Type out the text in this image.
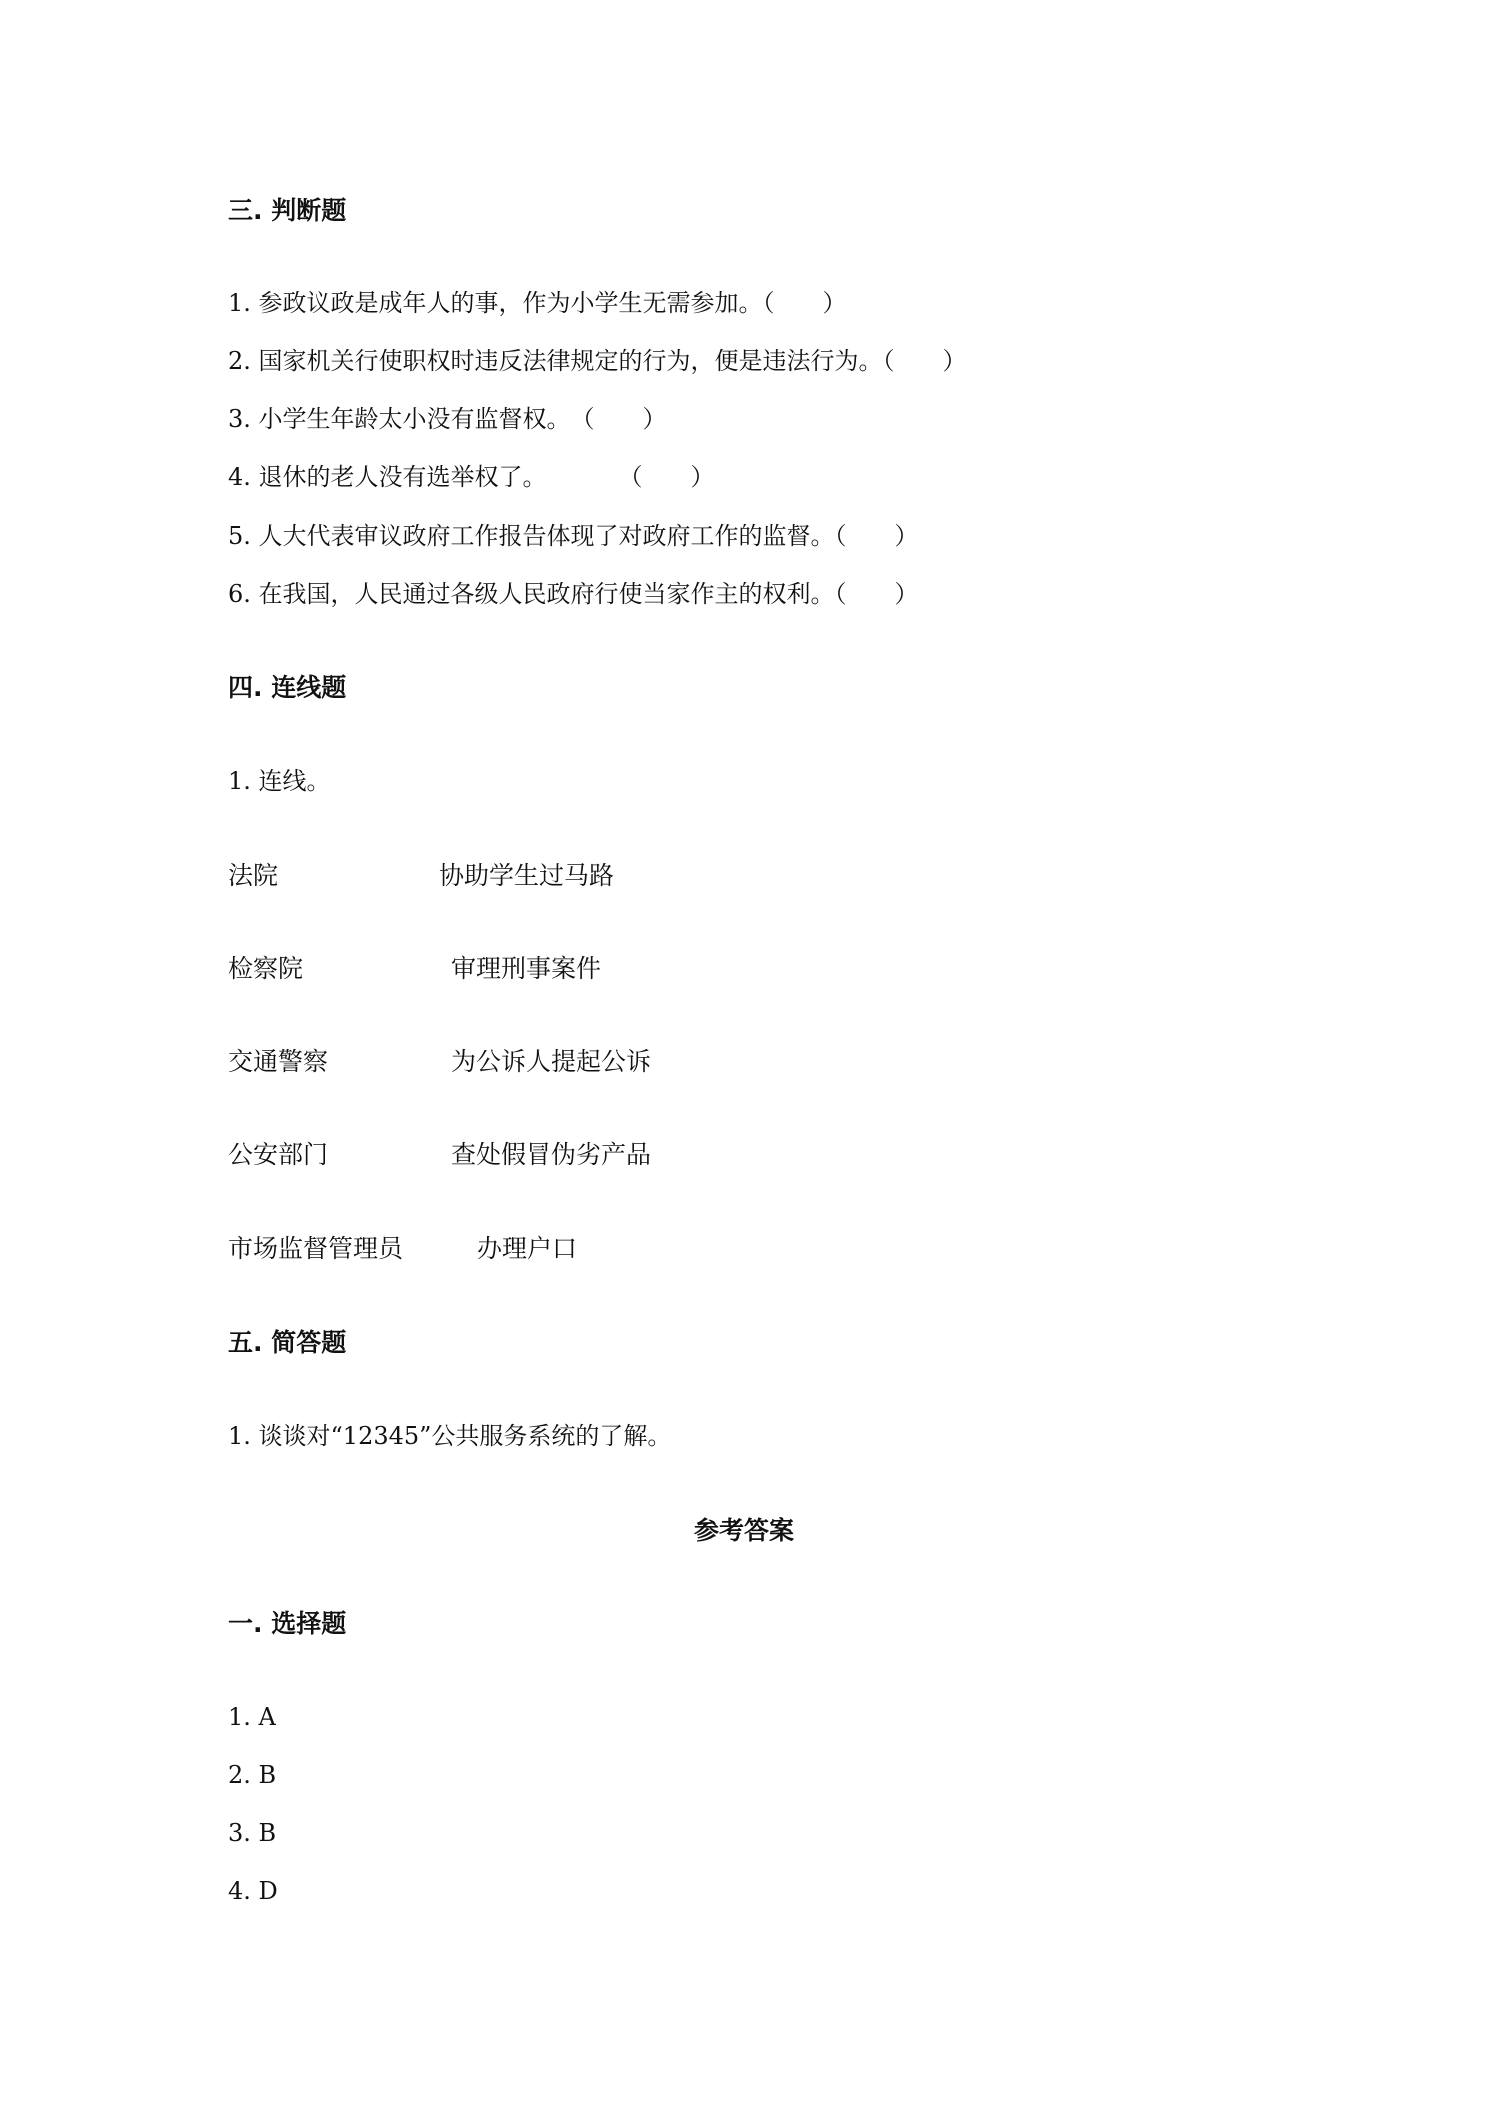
三. 判断题
1. 参政议政是成年人的事，作为小学生无需参加。（　　）
2. 国家机关行使职权时违反法律规定的行为，便是违法行为。（　　）
3. 小学生年龄太小没有监督权。　（　　）
4. 退休的老人没有选举权了。　　　　（　　）
5. 人大代表审议政府工作报告体现了对政府工作的监督。（　　）
6. 在我国，人民通过各级人民政府行使当家作主的权利。（　　）
四. 连线题
1. 连线。
法院	协助学生过马路
检察院	审理刑事案件
交通警察	为公诉人提起公诉
公安部门	查处假冒伪劣产品
市场监督管理员	办理户口
五. 简答题
1. 谈谈对“12345”公共服务系统的了解。
参考答案
一. 选择题
1. A
2. B
3. B
4. D
